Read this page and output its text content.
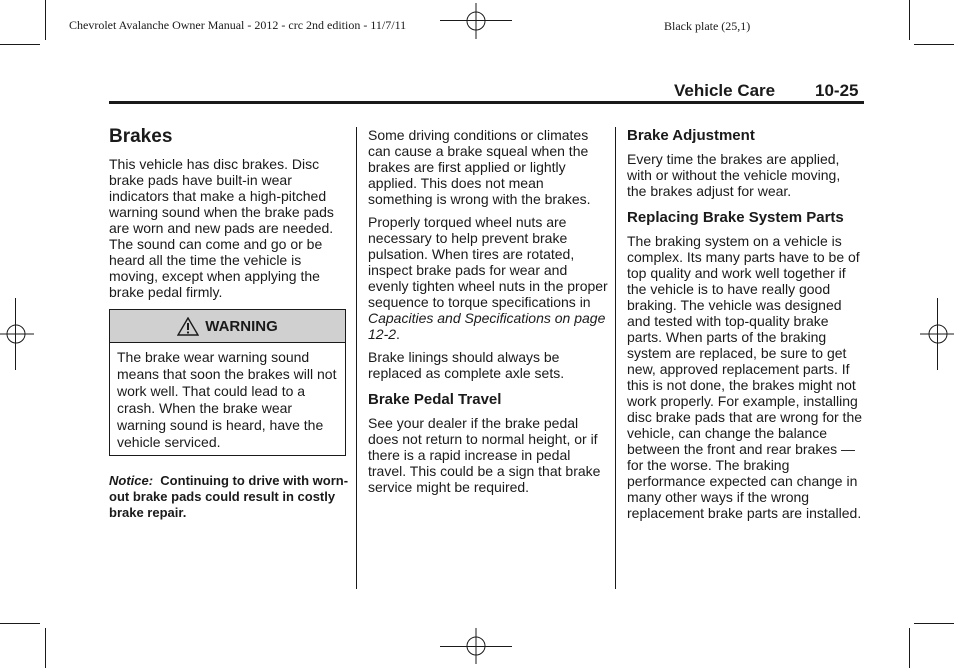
Chevrolet Avalanche Owner Manual - 2012 - crc 2nd edition - 11/7/11	Black plate (25,1)
Vehicle Care 10-25
Brakes

This vehicle has disc brakes. Disc brake pads have built-in wear indicators that make a high-pitched warning sound when the brake pads are worn and new pads are needed. The sound can come and go or be heard all the time the vehicle is moving, except when applying the brake pedal firmly.

WARNING
The brake wear warning sound means that soon the brakes will not work well. That could lead to a crash. When the brake wear warning sound is heard, have the vehicle serviced.
Notice: Continuing to drive with worn-out brake pads could result in costly brake repair.

Some driving conditions or climates can cause a brake squeal when the brakes are first applied or lightly applied. This does not mean something is wrong with the brakes.

Properly torqued wheel nuts are necessary to help prevent brake pulsation. When tires are rotated, inspect brake pads for wear and evenly tighten wheel nuts in the proper sequence to torque specifications in Capacities and Specifications on page 12-2.

Brake linings should always be replaced as complete axle sets.

Brake Pedal Travel

See your dealer if the brake pedal does not return to normal height, or if there is a rapid increase in pedal travel. This could be a sign that brake service might be required.

Brake Adjustment

Every time the brakes are applied, with or without the vehicle moving, the brakes adjust for wear.

Replacing Brake System Parts

The braking system on a vehicle is complex. Its many parts have to be of top quality and work well together if the vehicle is to have really good braking. The vehicle was designed and tested with top-quality brake parts. When parts of the braking system are replaced, be sure to get new, approved replacement parts. If this is not done, the brakes might not work properly. For example, installing disc brake pads that are wrong for the vehicle, can change the balance between the front and rear brakes — for the worse. The braking performance expected can change in many other ways if the wrong replacement brake parts are installed.
